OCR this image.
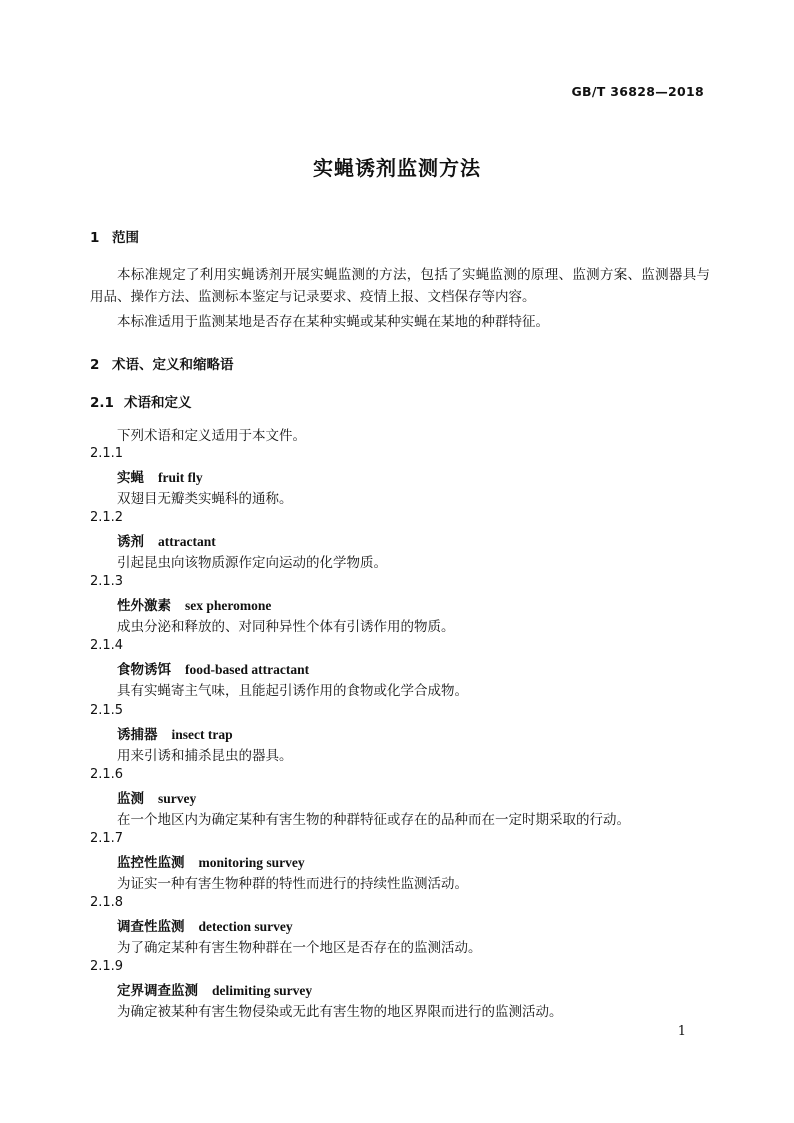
GB/T 36828—2018
实蝇诱剂监测方法
1 范围
本标准规定了利用实蝇诱剂开展实蝇监测的方法，包括了实蝇监测的原理、监测方案、监测器具与用品、操作方法、监测标本鉴定与记录要求、疫情上报、文档保存等内容。
本标准适用于监测某地是否存在某种实蝇或某种实蝇在某地的种群特征。
2 术语、定义和缩略语
2.1 术语和定义
下列术语和定义适用于本文件。
2.1.1
实蝇 fruit fly
双翅目无瓣类实蝇科的通称。
2.1.2
诱剂 attractant
引起昆虫向该物质源作定向运动的化学物质。
2.1.3
性外激素 sex pheromone
成虫分泌和释放的、对同种异性个体有引诱作用的物质。
2.1.4
食物诱饵 food-based attractant
具有实蝇寄主气味，且能起引诱作用的食物或化学合成物。
2.1.5
诱捕器 insect trap
用来引诱和捕杀昆虫的器具。
2.1.6
监测 survey
在一个地区内为确定某种有害生物的种群特征或存在的品种而在一定时期采取的行动。
2.1.7
监控性监测 monitoring survey
为证实一种有害生物种群的特性而进行的持续性监测活动。
2.1.8
调查性监测 detection survey
为了确定某种有害生物种群在一个地区是否存在的监测活动。
2.1.9
定界调查监测 delimiting survey
为确定被某种有害生物侵染或无此有害生物的地区界限而进行的监测活动。
1
